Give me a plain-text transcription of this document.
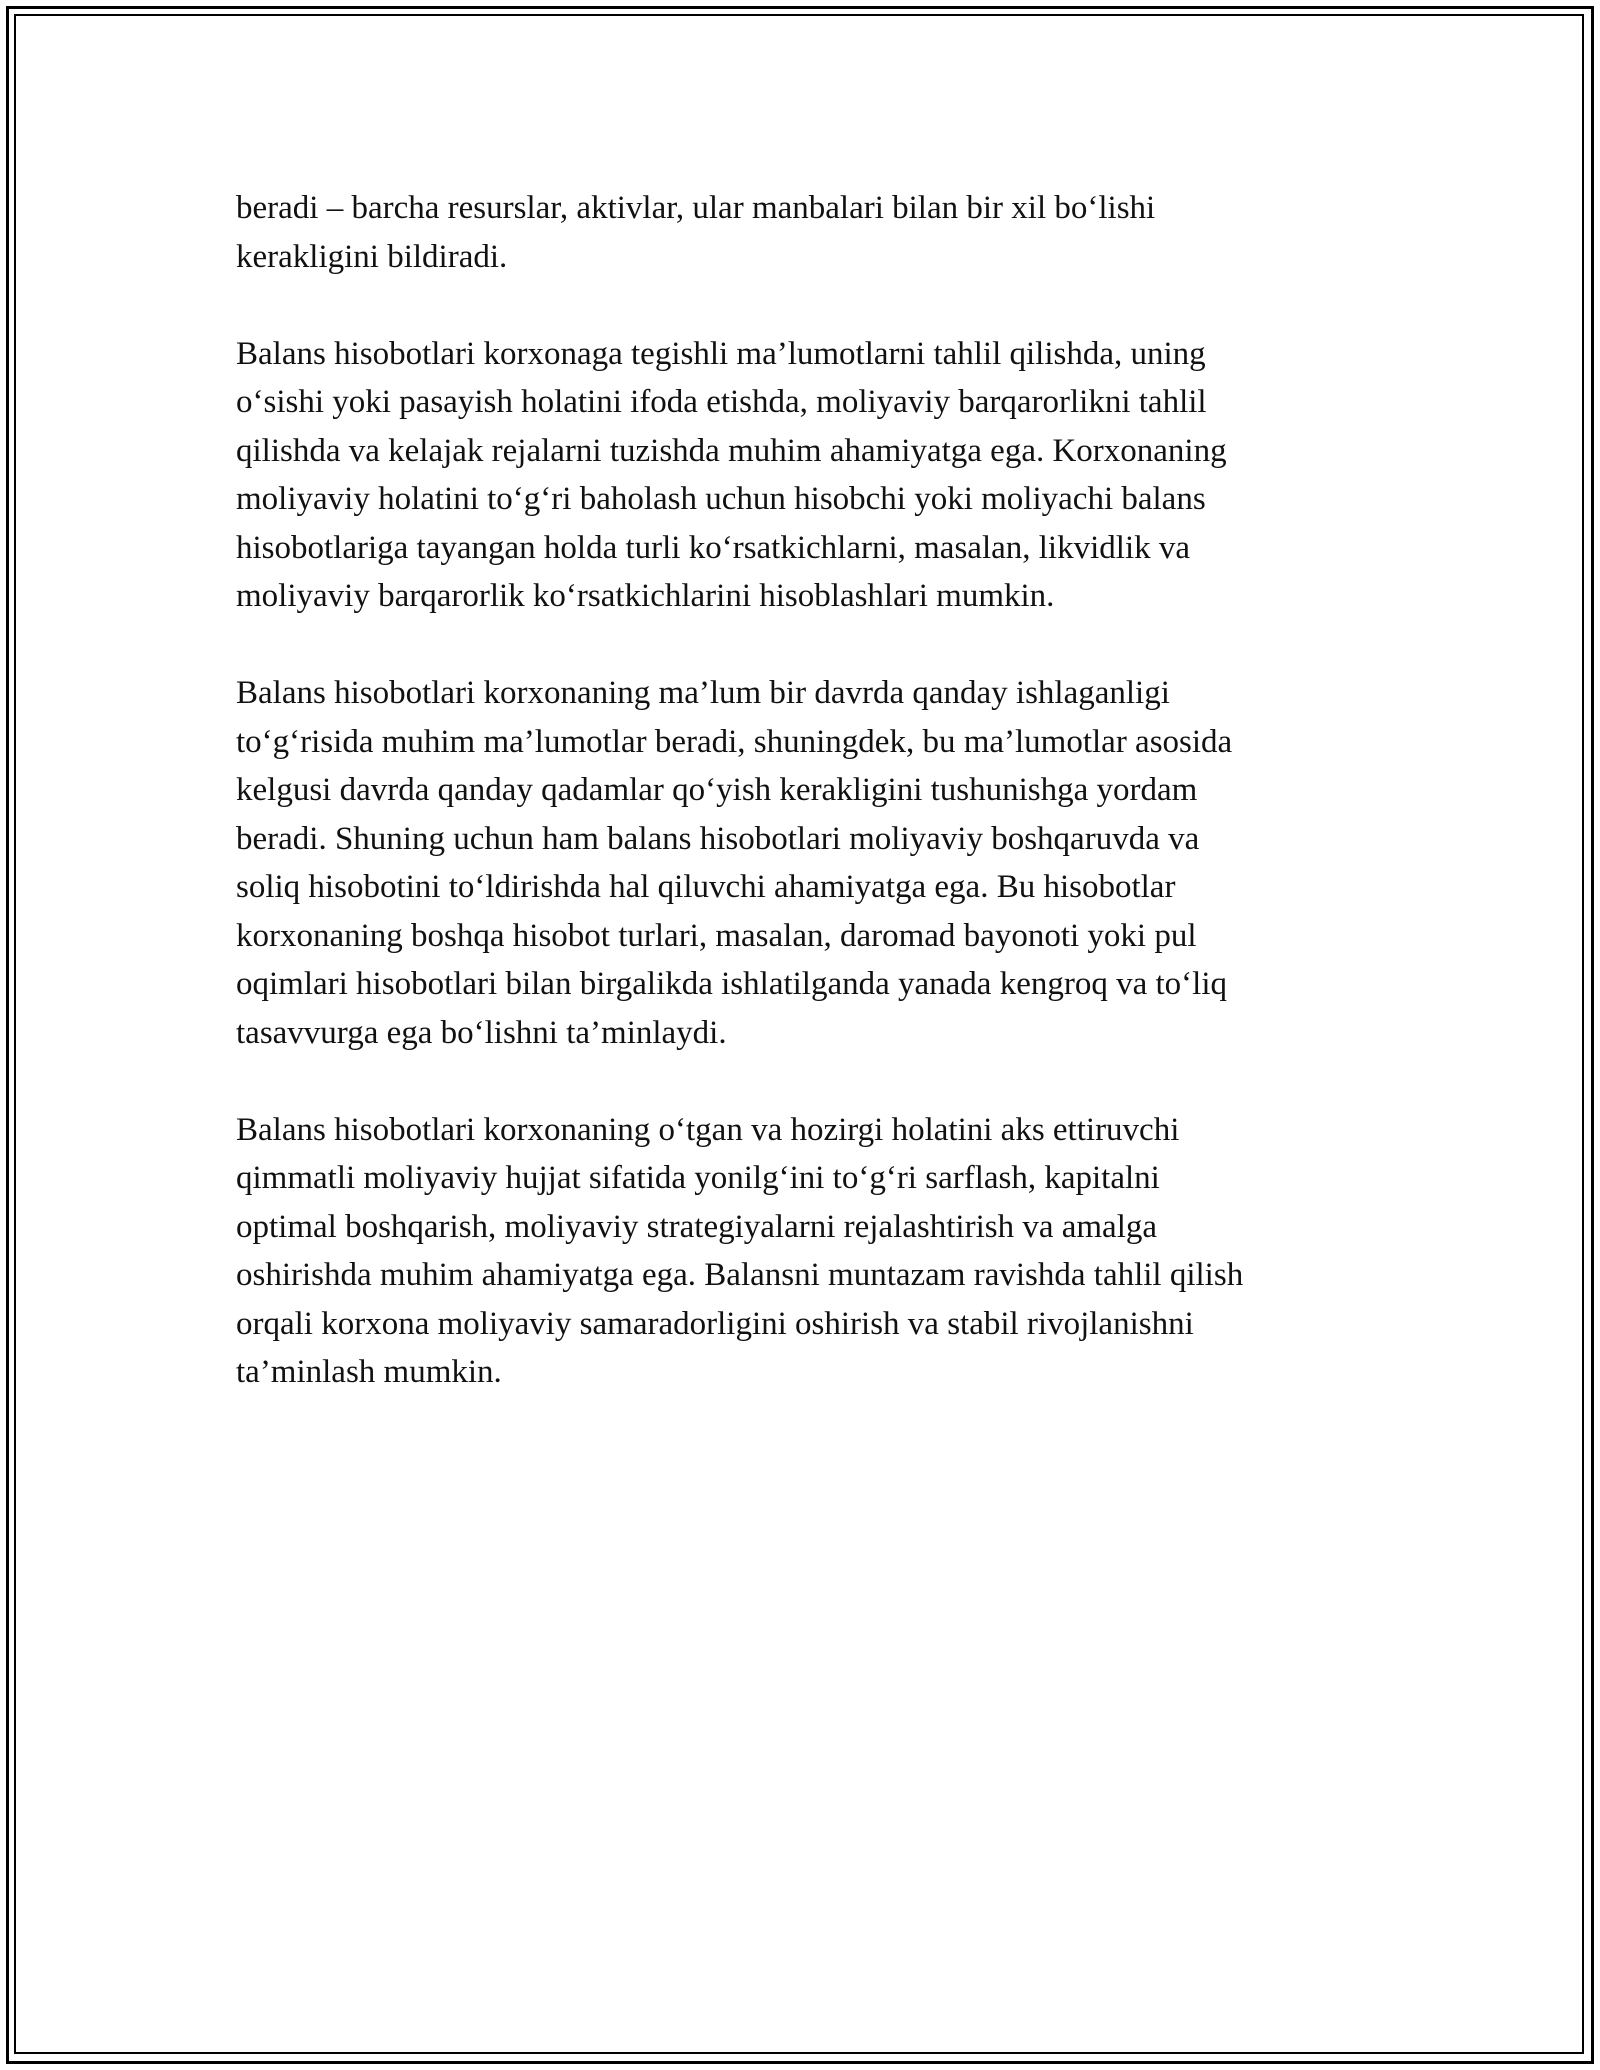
beradi – barcha resurslar, aktivlar, ular manbalari bilan bir xil bo‘lishi
kerakligini bildiradi.

Balans hisobotlari korxonaga tegishli ma’lumotlarni tahlil qilishda, uning
o‘sishi yoki pasayish holatini ifoda etishda, moliyaviy barqarorlikni tahlil
qilishda va kelajak rejalarni tuzishda muhim ahamiyatga ega. Korxonaning
moliyaviy holatini to‘g‘ri baholash uchun hisobchi yoki moliyachi balans
hisobotlariga tayangan holda turli ko‘rsatkichlarni, masalan, likvidlik va
moliyaviy barqarorlik ko‘rsatkichlarini hisoblashlari mumkin.

Balans hisobotlari korxonaning ma’lum bir davrda qanday ishlaganligi
to‘g‘risida muhim ma’lumotlar beradi, shuningdek, bu ma’lumotlar asosida
kelgusi davrda qanday qadamlar qo‘yish kerakligini tushunishga yordam
beradi. Shuning uchun ham balans hisobotlari moliyaviy boshqaruvda va
soliq hisobotini to‘ldirishda hal qiluvchi ahamiyatga ega. Bu hisobotlar
korxonaning boshqa hisobot turlari, masalan, daromad bayonoti yoki pul
oqimlari hisobotlari bilan birgalikda ishlatilganda yanada kengroq va to‘liq
tasavvurga ega bo‘lishni ta’minlaydi.

Balans hisobotlari korxonaning o‘tgan va hozirgi holatini aks ettiruvchi
qimmatli moliyaviy hujjat sifatida yonilg‘ini to‘g‘ri sarflash, kapitalni
optimal boshqarish, moliyaviy strategiyalarni rejalashtirish va amalga
oshirishda muhim ahamiyatga ega. Balansni muntazam ravishda tahlil qilish
orqali korxona moliyaviy samaradorligini oshirish va stabil rivojlanishni
ta’minlash mumkin.
